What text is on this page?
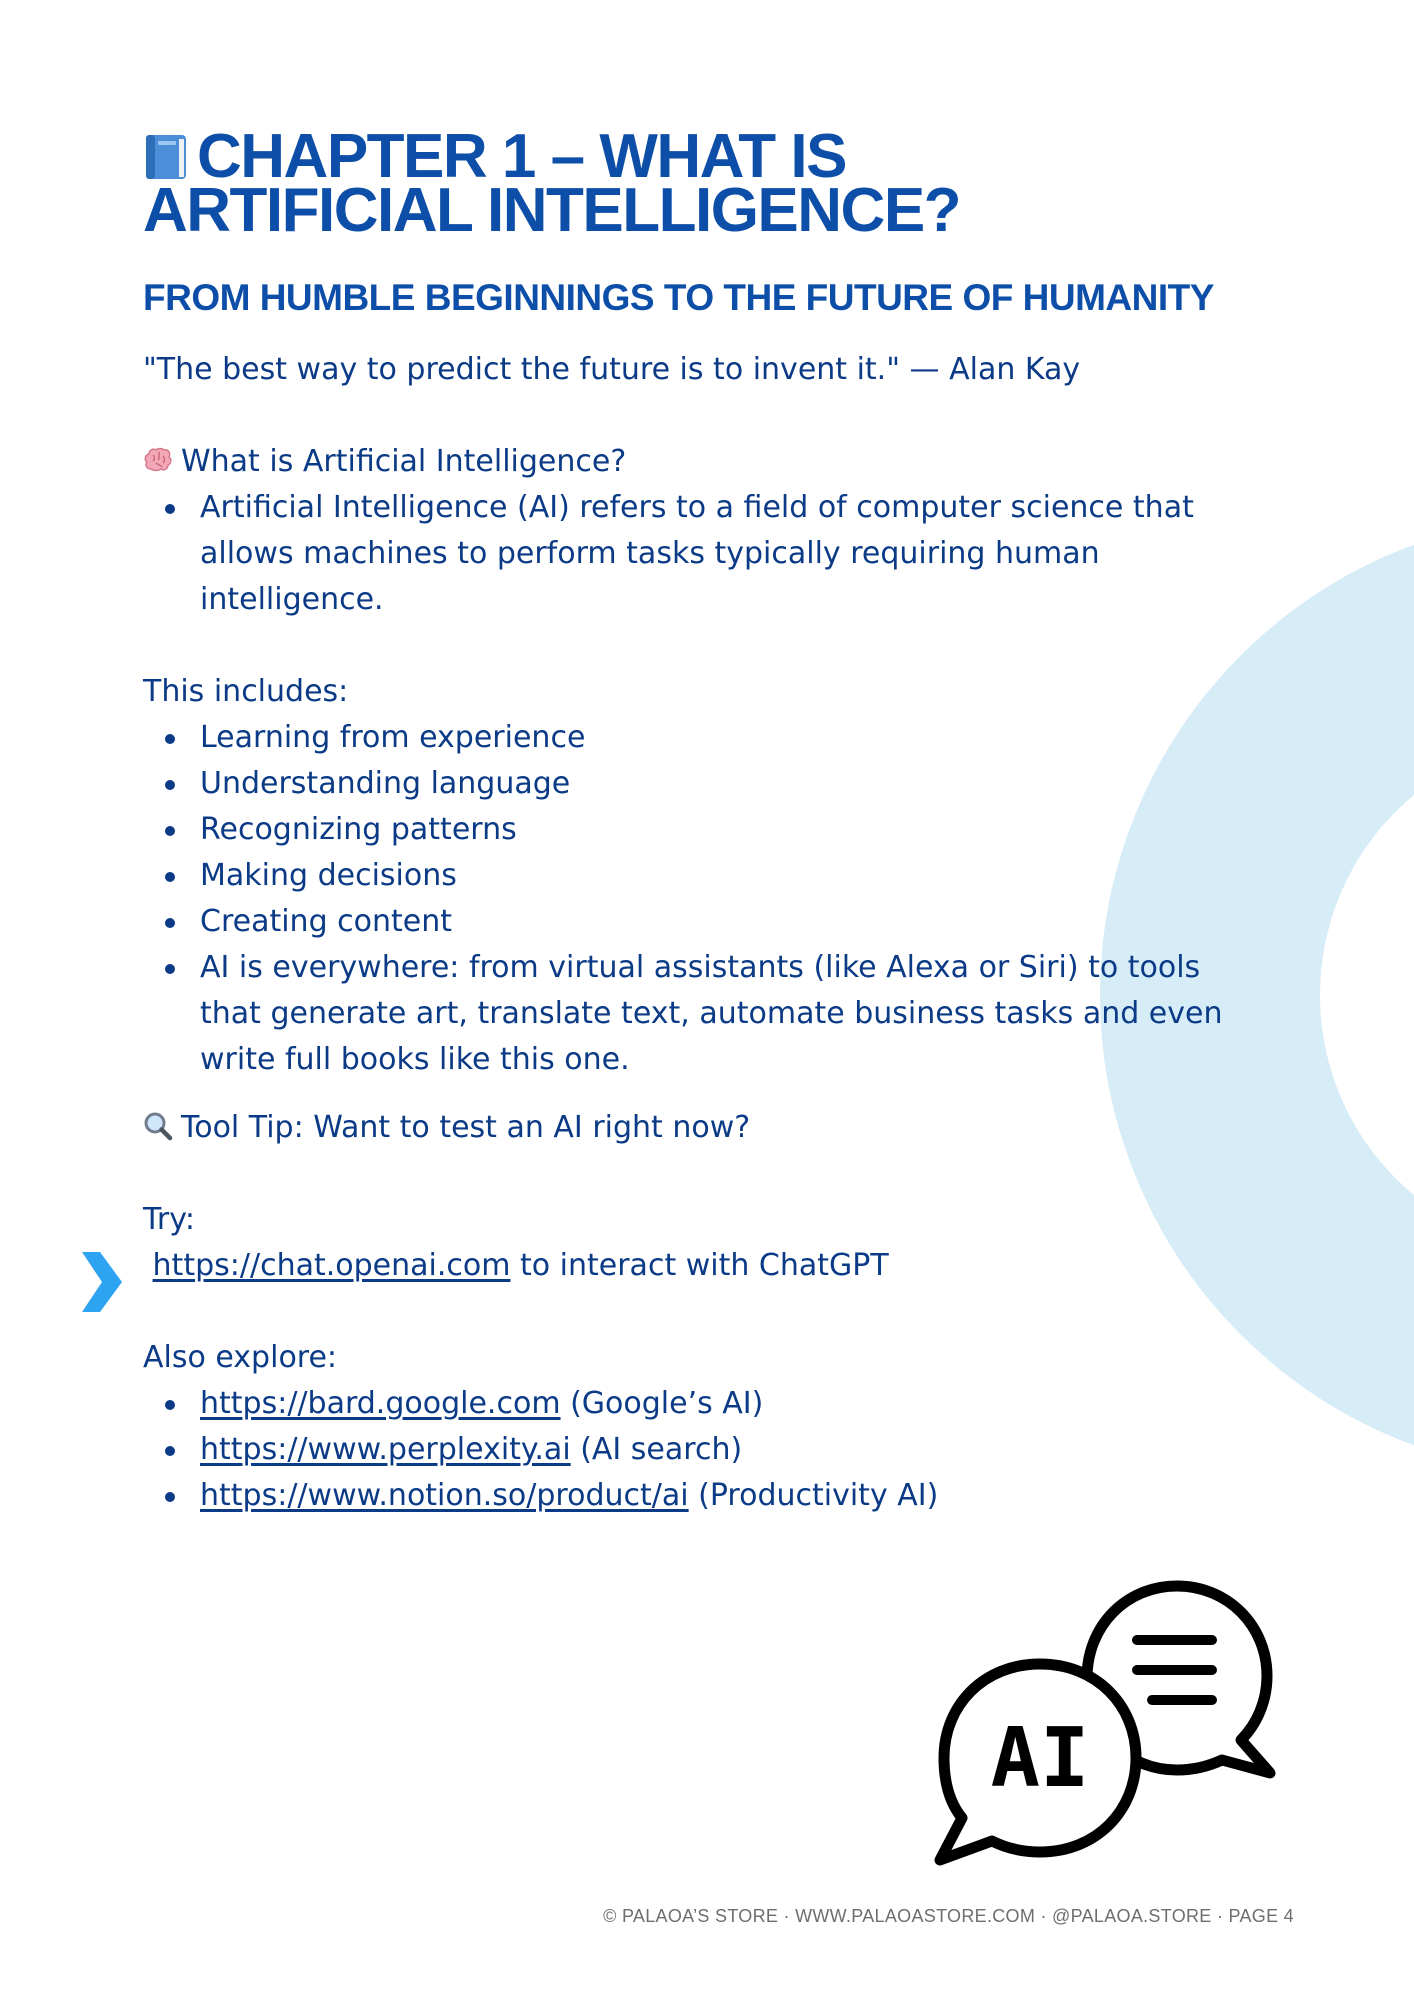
CHAPTER 1 – WHAT IS ARTIFICIAL INTELLIGENCE?
FROM HUMBLE BEGINNINGS TO THE FUTURE OF HUMANITY

"The best way to predict the future is to invent it." — Alan Kay

What is Artificial Intelligence?

Artificial Intelligence (AI) refers to a field of computer science that allows machines to perform tasks typically requiring human intelligence.

This includes:

Learning from experience
Understanding language
Recognizing patterns
Making decisions
Creating content
AI is everywhere: from virtual assistants (like Alexa or Siri) to tools that generate art, translate text, automate business tasks and even write full books like this one.

Tool Tip: Want to test an AI right now?

Try:

https://chat.openai.com to interact with ChatGPT

Also explore:

https://bard.google.com (Google’s AI)
https://www.perplexity.ai (AI search)
https://www.notion.so/product/ai (Productivity AI)
AI
© PALAOA’S STORE · WWW.PALAOASTORE.COM · @PALAOA.STORE · PAGE 4
